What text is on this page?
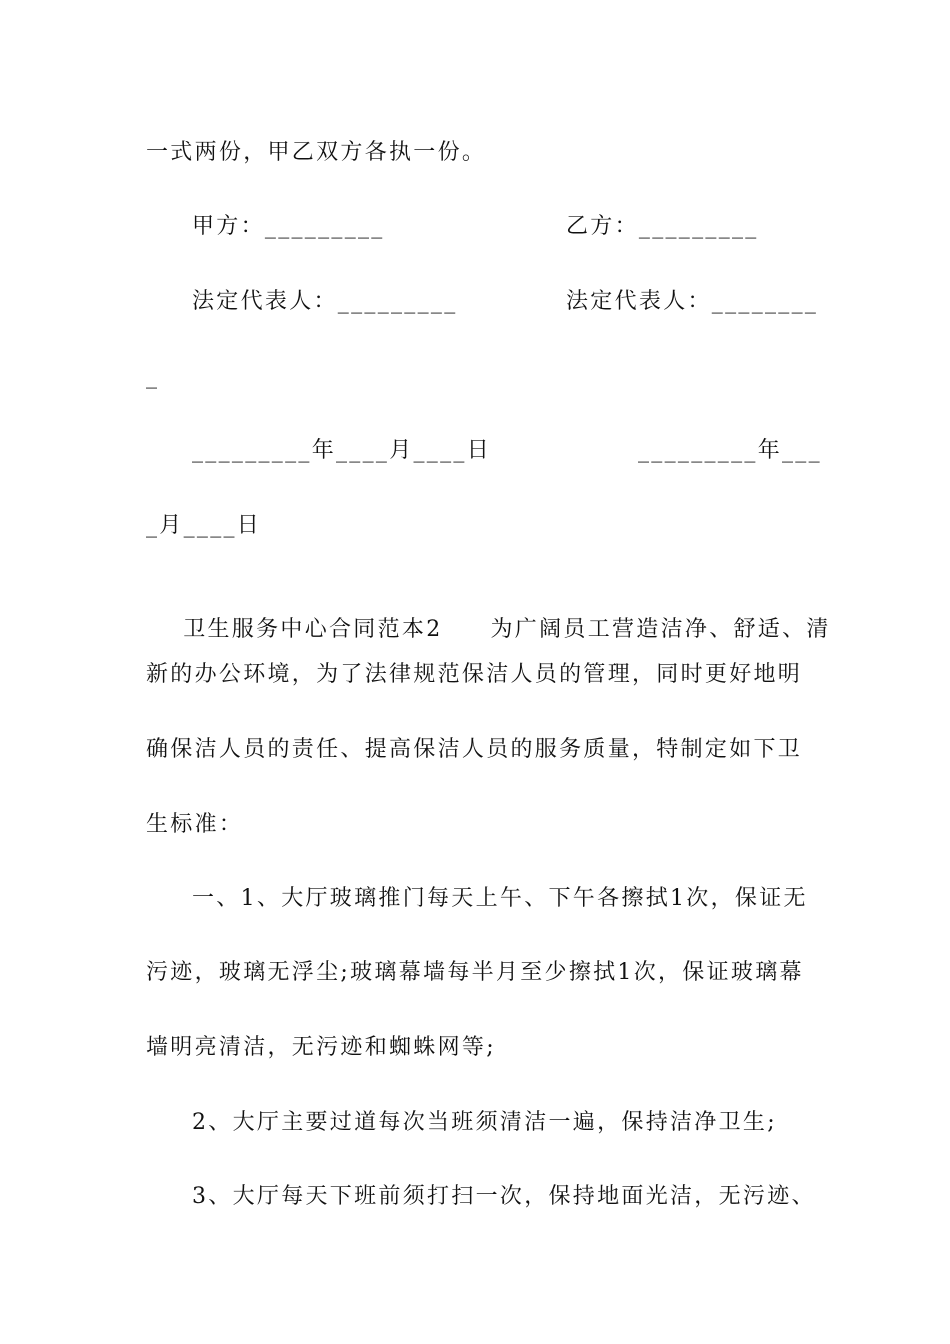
一式两份，甲乙双方各执一份。
甲方：_________	乙方：_________
法定代表人：_________	法定代表人：________
_
_________年____月____日	_________年___
_月____日

卫生服务中心合同范本2 为广阔员工营造洁净、舒适、清

新的办公环境，为了法律规范保洁人员的管理，同时更好地明
确保洁人员的责任、提高保洁人员的服务质量，特制定如下卫
生标准：
一、1、大厅玻璃推门每天上午、下午各擦拭1次，保证无
污迹，玻璃无浮尘;玻璃幕墙每半月至少擦拭1次，保证玻璃幕
墙明亮清洁，无污迹和蜘蛛网等;
2、大厅主要过道每次当班须清洁一遍，保持洁净卫生;
3、大厅每天下班前须打扫一次，保持地面光洁，无污迹、
